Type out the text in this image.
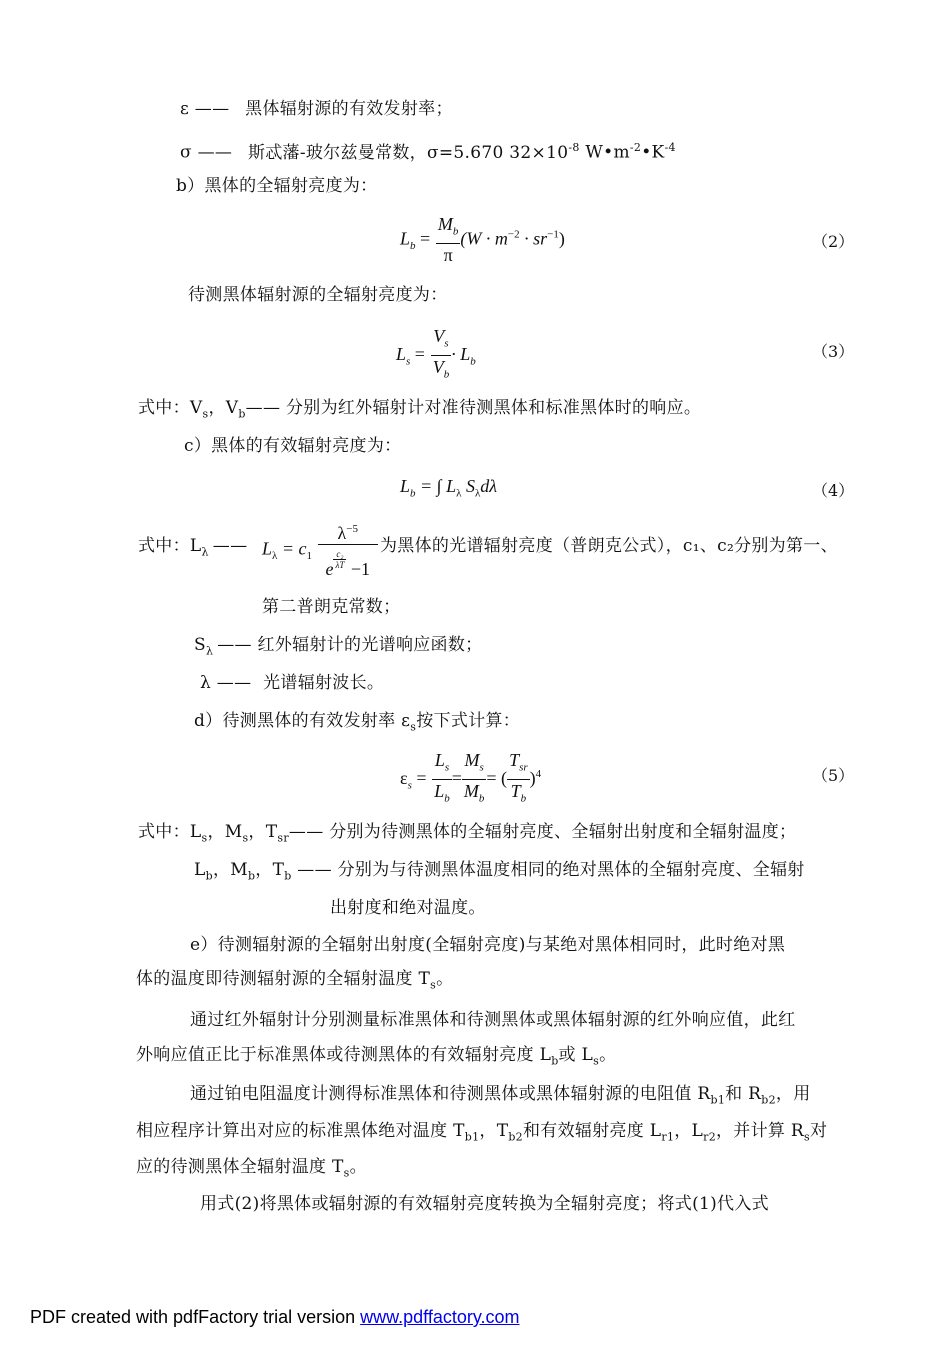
ε —— 黑体辐射源的有效发射率；
σ —— 斯忒藩-玻尔兹曼常数，σ=5.670 $32\times 10^{-8}$ $W•m^{-2}•K^{-4}$
b）黑体的全辐射亮度为：
$L_b = \frac{M_b}{\pi} (W \cdot m^{-2} \cdot sr^{-1})$	（2）
待测黑体辐射源的全辐射亮度为：
$L_s = \frac{V_s}{V_b} \cdot L_b$
（3）
式中：$V_s$，$V_b——$ 分别为红外辐射计对准待测黑体和标准黑体时的响应。
c）黑体的有效辐射亮度为：
$L_b$ = ∫ $L_\lambda$ $S_\lambda d\lambda$	（4）
式中：$L_\lambda$ —— $L_\lambda = c_1 \frac{\lambda^{-5}}{e \frac{\text{c₂}}{\lambda T} -1}$ 为黑体的光谱辐射亮度（普朗克公式），c₁、c₂分别为第一、
第二普朗克常数；
$S_\lambda$ —— 红外辐射计的光谱响应函数；
λ —— 光谱辐射波长。
d）待测黑体的有效发射率 $\varepsilon_s$按下式计算：
$\varepsilon_s = \frac{L_s}{L_b} = \frac{M_s}{M_b}$ = ( $\frac{T_{sr}}{T_b} )^4$	（5）
式中：$L_s$，$M_s$，$T_{sr}——$ 分别为待测黑体的全辐射亮度、全辐射出射度和全辐射温度；
$L_b$，$M_b$，$T_b$ —— 分别为与待测黑体温度相同的绝对黑体的全辐射亮度、全辐射
出射度和绝对温度。
e）待测辐射源的全辐射出射度(全辐射亮度)与某绝对黑体相同时，此时绝对黑
体的温度即待测辐射源的全辐射温度 $T_s$。
通过红外辐射计分别测量标准黑体和待测黑体或黑体辐射源的红外响应值，此红
外响应值正比于标准黑体或待测黑体的有效辐射亮度 $L_b$或 $L_s$。
通过铂电阻温度计测得标准黑体和待测黑体或黑体辐射源的电阻值 $R_{b1}$和 $R_{b2}$，用
相应程序计算出对应的标准黑体绝对温度 $T_{b1}$，$T_{b2}$和有效辐射亮度 $L_{r1}$，$L_{r2}$，并计算 $R_s$对
应的待测黑体全辐射温度 $T_s$。
用式(2)将黑体或辐射源的有效辐射亮度转换为全辐射亮度；将式(1)代入式
PDF created with pdfFactory trial version www.pdffactory.com
